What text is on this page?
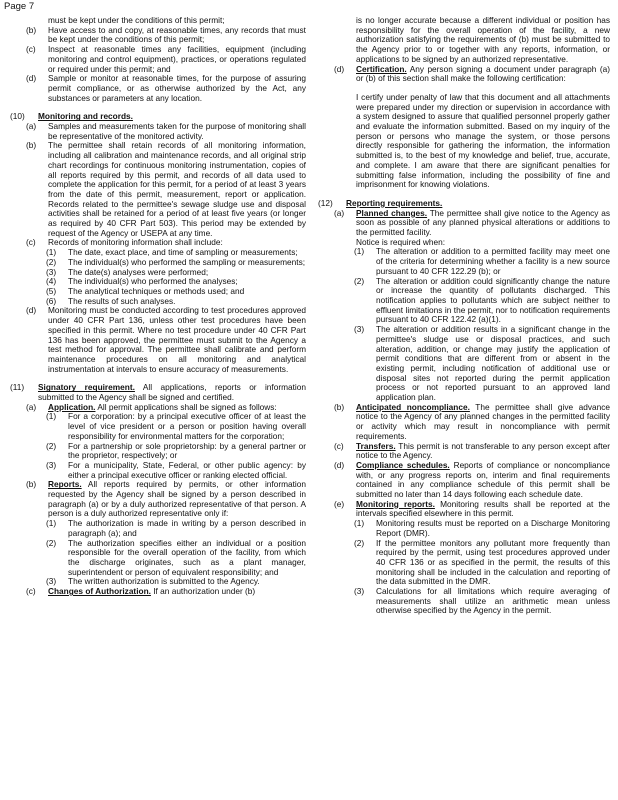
Page 7
must be kept under the conditions of this permit;
(b)	Have access to and copy, at reasonable times, any records that must be kept under the conditions of this permit;
(c)	Inspect at reasonable times any facilities, equipment (including monitoring and control equipment), practices, or operations regulated or required under this permit; and
(d)	Sample or monitor at reasonable times, for the purpose of assuring permit compliance, or as otherwise authorized by the Act, any substances or parameters at any location.
(10)	Monitoring and records.
(a)	Samples and measurements taken for the purpose of monitoring shall be representative of the monitored activity.
(b)	The permittee shall retain records of all monitoring information, including all calibration and maintenance records, and all original strip chart recordings for continuous monitoring instrumentation, copies of all reports required by this permit, and records of all data used to complete the application for this permit, for a period of at least 3 years from the date of this permit, measurement, report or application. Records related to the permittee's sewage sludge use and disposal activities shall be retained for a period of at least five years (or longer as required by 40 CFR Part 503). This period may be extended by request of the Agency or USEPA at any time.
(c)	Records of monitoring information shall include:
(1)	The date, exact place, and time of sampling or measurements;
(2)	The individual(s) who performed the sampling or measurements;
(3)	The date(s) analyses were performed;
(4)	The individual(s) who performed the analyses;
(5)	The analytical techniques or methods used; and
(6)	The results of such analyses.
(d)	Monitoring must be conducted according to test procedures approved under 40 CFR Part 136, unless other test procedures have been specified in this permit. Where no test procedure under 40 CFR Part 136 has been approved, the permittee must submit to the Agency a test method for approval. The permittee shall calibrate and perform maintenance procedures on all monitoring and analytical instrumentation at intervals to ensure accuracy of measurements.
(11)	Signatory requirement. All applications, reports or information submitted to the Agency shall be signed and certified.
(a)	Application. All permit applications shall be signed as follows:
(1)	For a corporation: by a principal executive officer of at least the level of vice president or a person or position having overall responsibility for environmental matters for the corporation;
(2)	For a partnership or sole proprietorship: by a general partner or the proprietor, respectively; or
(3)	For a municipality, State, Federal, or other public agency: by either a principal executive officer or ranking elected official.
(b)	Reports. All reports required by permits, or other information requested by the Agency shall be signed by a person described in paragraph (a) or by a duly authorized representative of that person. A person is a duly authorized representative only if:
(1)	The authorization is made in writing by a person described in paragraph (a); and
(2)	The authorization specifies either an individual or a position responsible for the overall operation of the facility, from which the discharge originates, such as a plant manager, superintendent or person of equivalent responsibility; and
(3)	The written authorization is submitted to the Agency.
(c)	Changes of Authorization. If an authorization under (b)
is no longer accurate because a different individual or position has responsibility for the overall operation of the facility, a new authorization satisfying the requirements of (b) must be submitted to the Agency prior to or together with any reports, information, or applications to be signed by an authorized representative.
(d)	Certification. Any person signing a document under paragraph (a) or (b) of this section shall make the following certification:
I certify under penalty of law that this document and all attachments were prepared under my direction or supervision in accordance with a system designed to assure that qualified personnel properly gather and evaluate the information submitted. Based on my inquiry of the person or persons who manage the system, or those persons directly responsible for gathering the information, the information submitted is, to the best of my knowledge and belief, true, accurate, and complete. I am aware that there are significant penalties for submitting false information, including the possibility of fine and imprisonment for knowing violations.
(12)	Reporting requirements.
(a)	Planned changes. The permittee shall give notice to the Agency as soon as possible of any planned physical alterations or additions to the permitted facility.
Notice is required when:
(1)	The alteration or addition to a permitted facility may meet one of the criteria for determining whether a facility is a new source pursuant to 40 CFR 122.29 (b); or
(2)	The alteration or addition could significantly change the nature or increase the quantity of pollutants discharged. This notification applies to pollutants which are subject neither to effluent limitations in the permit, nor to notification requirements pursuant to 40 CFR 122.42 (a)(1).
(3)	The alteration or addition results in a significant change in the permittee's sludge use or disposal practices, and such alteration, addition, or change may justify the application of permit conditions that are different from or absent in the existing permit, including notification of additional use or disposal sites not reported during the permit application process or not reported pursuant to an approved land application plan.
(b)	Anticipated noncompliance. The permittee shall give advance notice to the Agency of any planned changes in the permitted facility or activity which may result in noncompliance with permit requirements.
(c)	Transfers. This permit is not transferable to any person except after notice to the Agency.
(d)	Compliance schedules. Reports of compliance or noncompliance with, or any progress reports on, interim and final requirements contained in any compliance schedule of this permit shall be submitted no later than 14 days following each schedule date.
(e)	Monitoring reports. Monitoring results shall be reported at the intervals specified elsewhere in this permit.
(1)	Monitoring results must be reported on a Discharge Monitoring Report (DMR).
(2)	If the permittee monitors any pollutant more frequently than required by the permit, using test procedures approved under 40 CFR 136 or as specified in the permit, the results of this monitoring shall be included in the calculation and reporting of the data submitted in the DMR.
(3)	Calculations for all limitations which require averaging of measurements shall utilize an arithmetic mean unless otherwise specified by the Agency in the permit.
